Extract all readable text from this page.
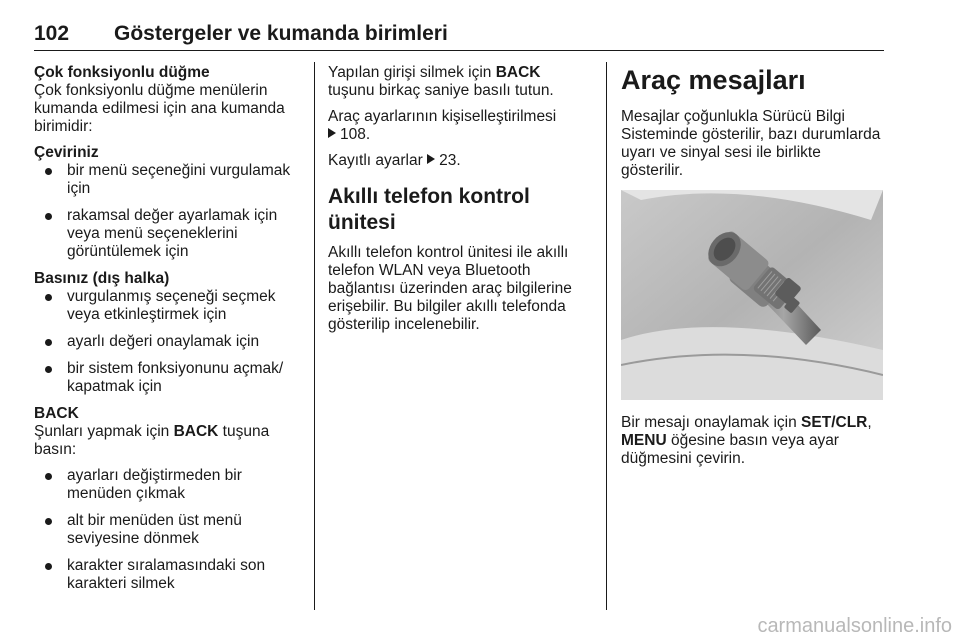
102 Göstergeler ve kumanda birimleri

Çok fonksiyonlu düğme

Çok fonksiyonlu düğme menülerin kumanda edilmesi için ana kumanda birimidir:

Çeviriniz

bir menü seçeneğini vurgulamak için
rakamsal değer ayarlamak için veya menü seçeneklerini görüntülemek için

Basınız (dış halka)

vurgulanmış seçeneği seçmek veya etkinleştirmek için
ayarlı değeri onaylamak için
bir sistem fonksiyonunu açmak/ kapatmak için

BACK

Şunları yapmak için BACK tuşuna basın:

ayarları değiştirmeden bir menüden çıkmak
alt bir menüden üst menü seviyesine dönmek
karakter sıralamasındaki son karakteri silmek

Yapılan girişi silmek için BACK tuşunu birkaç saniye basılı tutun.

Araç ayarlarının kişiselleştirilmesi
108.

Kayıtlı ayarlar 23.

Akıllı telefon kontrol ünitesi

Akıllı telefon kontrol ünitesi ile akıllı telefon WLAN veya Bluetooth bağlantısı üzerinden araç bilgilerine erişebilir. Bu bilgiler akıllı telefonda gösterilip incelenebilir.

Araç mesajları

Mesajlar çoğunlukla Sürücü Bilgi Sisteminde gösterilir, bazı durumlarda uyarı ve sinyal sesi ile birlikte gösterilir.

Bir mesajı onaylamak için SET/CLR, MENU öğesine basın veya ayar düğmesini çevirin.

carmanualsonline.info
